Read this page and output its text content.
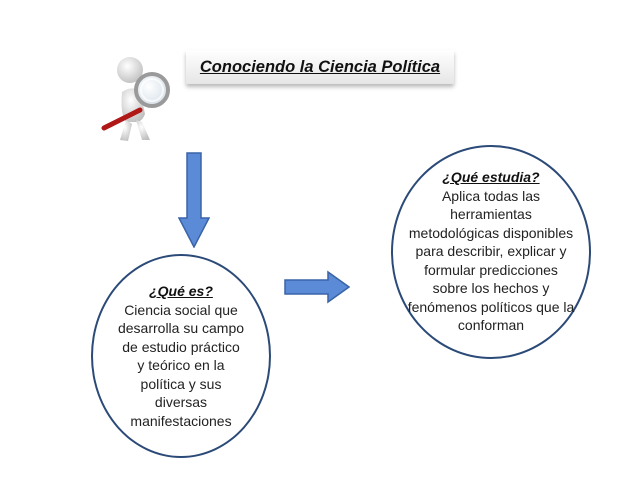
Conociendo la Ciencia Política
¿Qué es?
Ciencia social que
desarrolla su campo
de estudio práctico
y teórico en la
política y sus
diversas
manifestaciones
¿Qué estudia?
Aplica todas las
herramientas
metodológicas disponibles
para describir, explicar y
formular predicciones
sobre los hechos y
fenómenos políticos que la
conforman
